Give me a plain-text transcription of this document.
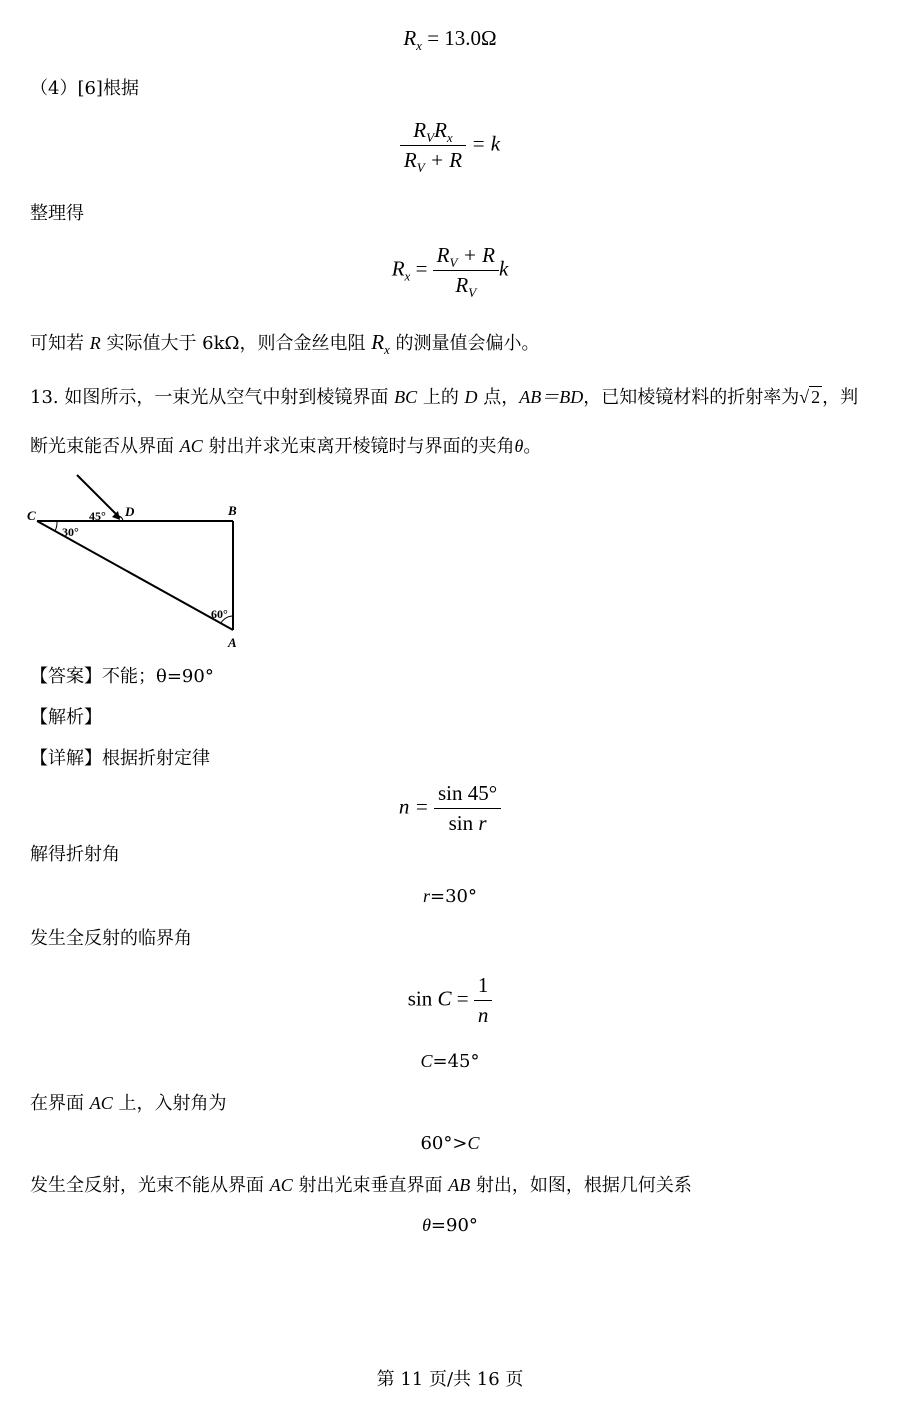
$R_x = 13.0\Omega$
（4）[6]根据
$\frac{R_VR_x}{R_V + R} = k$
整理得
$R_x = \frac{R_V + R}{R_V}$ k
可知若 R 实际值大于 6kΩ，则合金丝电阻 $R_x$ 的测量值会偏小。
13. 如图所示，一束光从空气中射到棱镜界面 BC 上的 D 点，AB＝BD，已知棱镜材料的折射率为√ 2 ，判
断光束能否从界面 AC 射出并求光束离开棱镜时与界面的夹角θ。
C	D	B
A
45°
30°
60°
【答案】不能；θ=90°
【解析】
【详解】根据折射定律
$n = \frac{\sin 45^\circ}{\text{sin r}}$
解得折射角
r=30°
发生全反射的临界角
$\sin C = \frac{1}{n}$
C=45°
在界面 AC 上，入射角为
60°>C
发生全反射，光束不能从界面 AC 射出光束垂直界面 AB 射出，如图，根据几何关系
θ=90°
第 11 页/共 16 页
